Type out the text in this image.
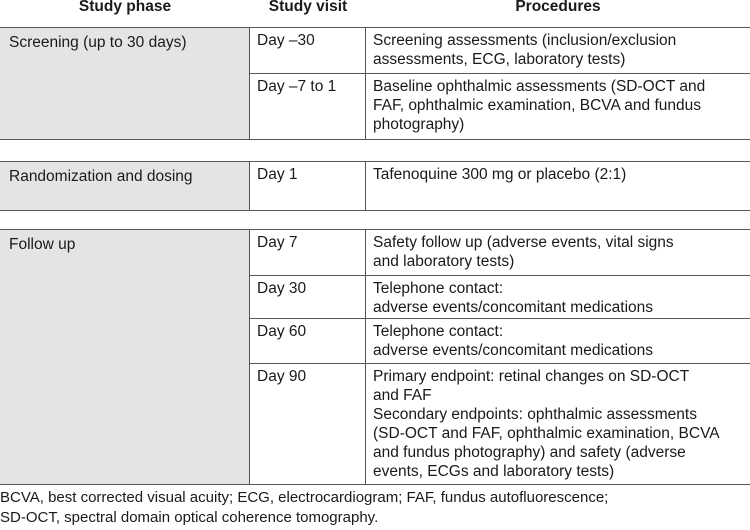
Study phase	Study visit	Procedures
Screening (up to 30 days)	Day –30	Screening assessments (inclusion/exclusion
assessments, ECG, laboratory tests)
Day –7 to 1	Baseline ophthalmic assessments (SD-OCT and
FAF, ophthalmic examination, BCVA and fundus
photography)
Randomization and dosing	Day 1	Tafenoquine 300 mg or placebo (2:1)
Follow up	Day 7	Safety follow up (adverse events, vital signs
and laboratory tests)
Day 30	Telephone contact:
adverse events/concomitant medications
Day 60	Telephone contact:
adverse events/concomitant medications
Day 90	Primary endpoint: retinal changes on SD-OCT
and FAF
Secondary endpoints: ophthalmic assessments
(SD-OCT and FAF, ophthalmic examination, BCVA
and fundus photography) and safety (adverse
events, ECGs and laboratory tests)
BCVA, best corrected visual acuity; ECG, electrocardiogram; FAF, fundus autofluorescence;
SD-OCT, spectral domain optical coherence tomography.
